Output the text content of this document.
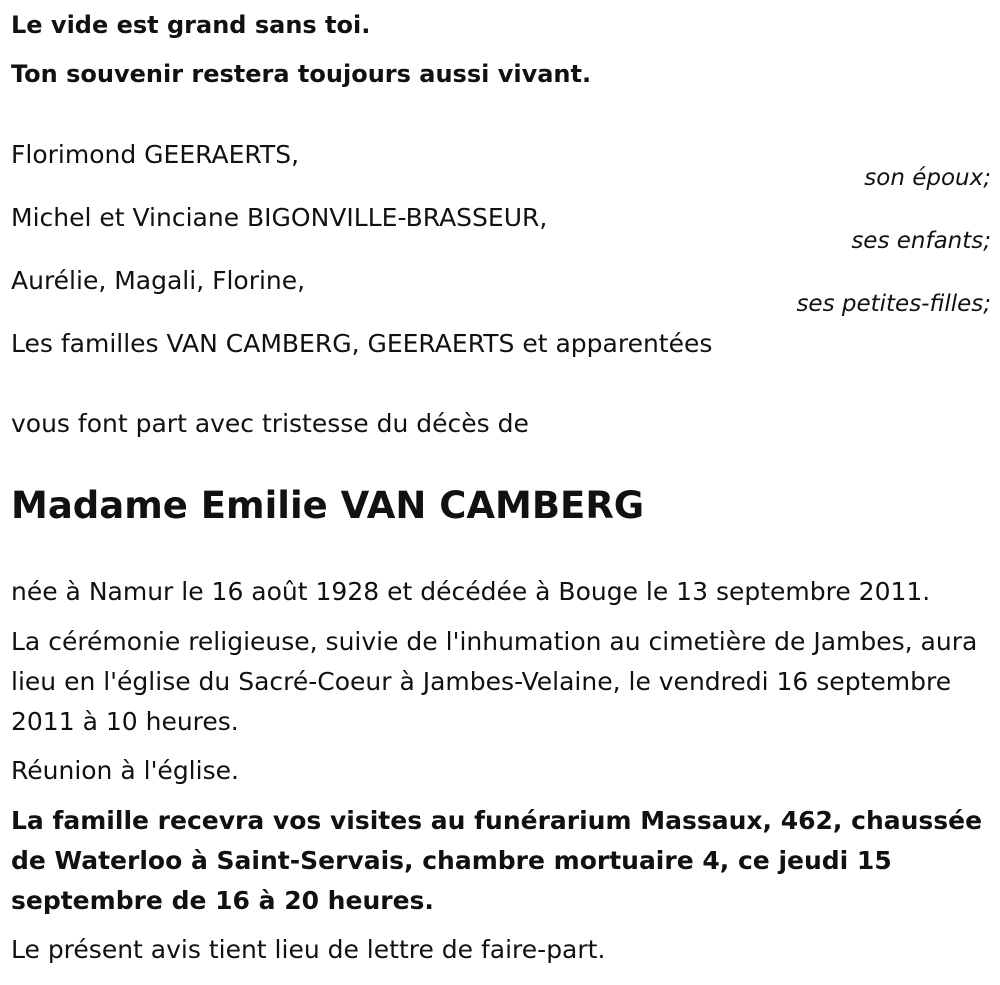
Le vide est grand sans toi.

Ton souvenir restera toujours aussi vivant.

Florimond GEERAERTS,

son époux;

Michel et Vinciane BIGONVILLE-BRASSEUR,

ses enfants;

Aurélie, Magali, Florine,

ses petites-filles;

Les familles VAN CAMBERG, GEERAERTS et apparentées

vous font part avec tristesse du décès de

Madame Emilie VAN CAMBERG

née à Namur le 16 août 1928 et décédée à Bouge le 13 septembre 2011.

La cérémonie religieuse, suivie de l'inhumation au cimetière de Jambes, aura lieu en l'église du Sacré-Coeur à Jambes-Velaine, le vendredi 16 septembre 2011 à 10 heures.

Réunion à l'église.

La famille recevra vos visites au funérarium Massaux, 462, chaussée de Waterloo à Saint-Servais, chambre mortuaire 4, ce jeudi 15 septembre de 16 à 20 heures.

Le présent avis tient lieu de lettre de faire-part.
